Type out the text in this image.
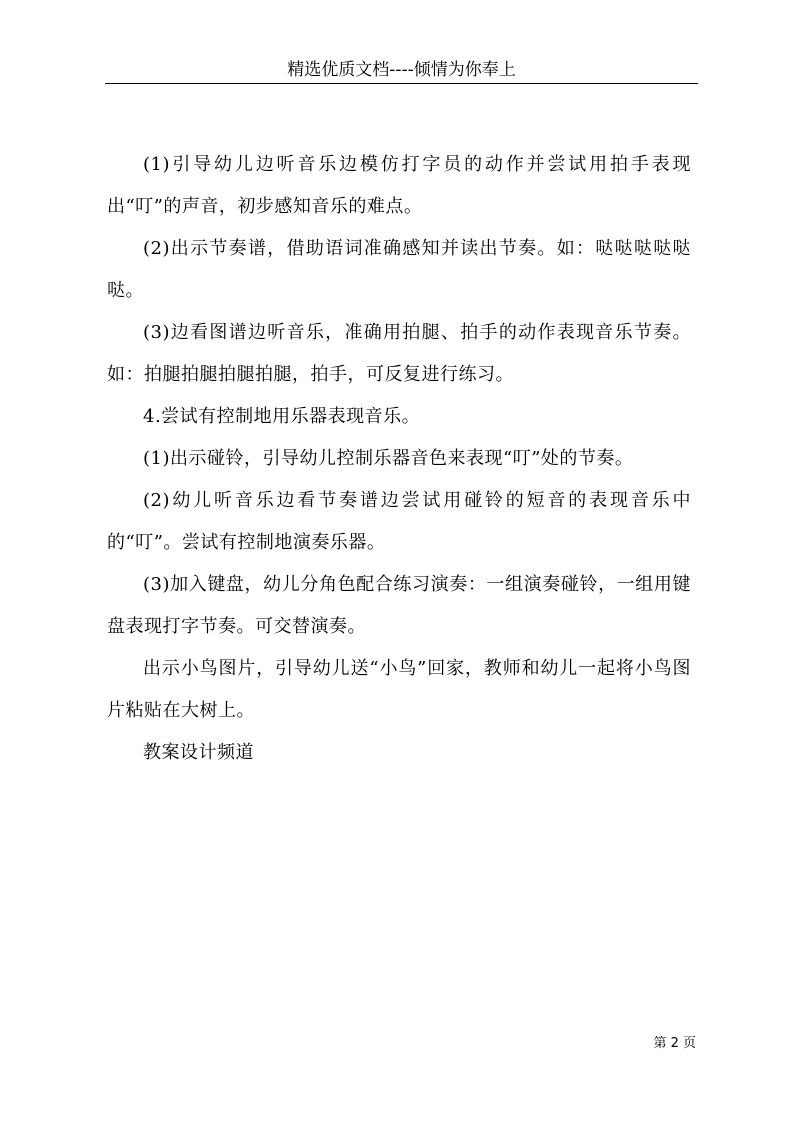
精选优质文档----倾情为你奉上

(1)引导幼儿边听音乐边模仿打字员的动作并尝试用拍手表现出“叮”的声音，初步感知音乐的难点。

(2)出示节奏谱，借助语词准确感知并读出节奏。如：哒哒哒哒哒哒。

(3)边看图谱边听音乐，准确用拍腿、拍手的动作表现音乐节奏。如：拍腿拍腿拍腿拍腿，拍手，可反复进行练习。

4.尝试有控制地用乐器表现音乐。

(1)出示碰铃，引导幼儿控制乐器音色来表现“叮”处的节奏。

(2)幼儿听音乐边看节奏谱边尝试用碰铃的短音的表现音乐中的“叮”。尝试有控制地演奏乐器。

(3)加入键盘，幼儿分角色配合练习演奏：一组演奏碰铃，一组用键盘表现打字节奏。可交替演奏。

出示小鸟图片，引导幼儿送“小鸟”回家，教师和幼儿一起将小鸟图片粘贴在大树上。

教案设计频道

第 2 页
